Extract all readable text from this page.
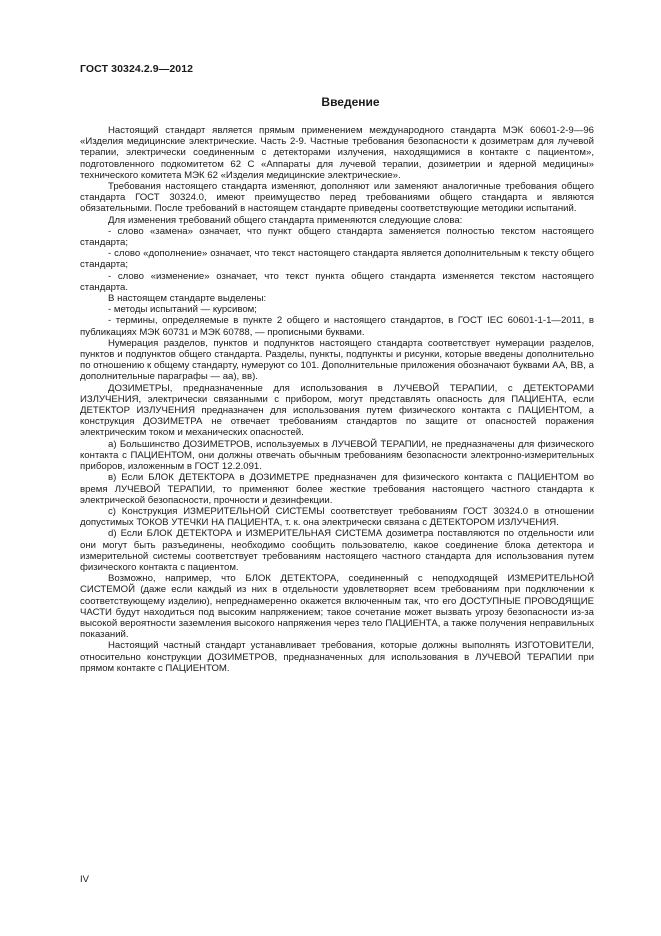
ГОСТ 30324.2.9—2012
Введение

Настоящий стандарт является прямым применением международного стандарта МЭК 60601-2-9—96 «Изделия медицинские электрические. Часть 2-9. Частные требования безопасности к дозиметрам для лучевой терапии, электрически соединенным с детекторами излучения, находящимися в контакте с пациентом», подготовленного подкомитетом 62 С «Аппараты для лучевой терапии, дозиметрии и ядерной медицины» технического комитета МЭК 62 «Изделия медицинские электрические».

Требования настоящего стандарта изменяют, дополняют или заменяют аналогичные требования общего стандарта ГОСТ 30324.0, имеют преимущество перед требованиями общего стандарта и являются обязательными. После требований в настоящем стандарте приведены соответствующие методики испытаний.

Для изменения требований общего стандарта применяются следующие слова:

- слово «замена» означает, что пункт общего стандарта заменяется полностью текстом настоящего стандарта;

- слово «дополнение» означает, что текст настоящего стандарта является дополнительным к тексту общего стандарта;

- слово «изменение» означает, что текст пункта общего стандарта изменяется текстом настоящего стандарта.

В настоящем стандарте выделены:

- методы испытаний — курсивом;

- термины, определяемые в пункте 2 общего и настоящего стандартов, в ГОСТ IEC 60601-1-1—2011, в публикациях МЭК 60731 и МЭК 60788, — прописными буквами.

Нумерация разделов, пунктов и подпунктов настоящего стандарта соответствует нумерации разделов, пунктов и подпунктов общего стандарта. Разделы, пункты, подпункты и рисунки, которые введены дополнительно по отношению к общему стандарту, нумеруют со 101. Дополнительные приложения обозначают буквами АА, ВВ, а дополнительные параграфы — аа), вв).

ДОЗИМЕТРЫ, предназначенные для использования в ЛУЧЕВОЙ ТЕРАПИИ, с ДЕТЕКТОРАМИ ИЗЛУЧЕНИЯ, электрически связанными с прибором, могут представлять опасность для ПАЦИЕНТА, если ДЕТЕКТОР ИЗЛУЧЕНИЯ предназначен для использования путем физического контакта с ПАЦИЕНТОМ, а конструкция ДОЗИМЕТРА не отвечает требованиям стандартов по защите от опасностей поражения электрическим током и механических опасностей.

а) Большинство ДОЗИМЕТРОВ, используемых в ЛУЧЕВОЙ ТЕРАПИИ, не предназначены для физического контакта с ПАЦИЕНТОМ, они должны отвечать обычным требованиям безопасности электронно-измерительных приборов, изложенным в ГОСТ 12.2.091.

в) Если БЛОК ДЕТЕКТОРА в ДОЗИМЕТРЕ предназначен для физического контакта с ПАЦИЕНТОМ во время ЛУЧЕВОЙ ТЕРАПИИ, то применяют более жесткие требования настоящего частного стандарта к электрической безопасности, прочности и дезинфекции.

с) Конструкция ИЗМЕРИТЕЛЬНОЙ СИСТЕМЫ соответствует требованиям ГОСТ 30324.0 в отношении допустимых ТОКОВ УТЕЧКИ НА ПАЦИЕНТА, т. к. она электрически связана с ДЕТЕКТОРОМ ИЗЛУЧЕНИЯ.

d) Если БЛОК ДЕТЕКТОРА и ИЗМЕРИТЕЛЬНАЯ СИСТЕМА дозиметра поставляются по отдельности или они могут быть разъединены, необходимо сообщить пользователю, какое соединение блока детектора и измерительной системы соответствует требованиям настоящего частного стандарта для использования путем физического контакта с пациентом.

Возможно, например, что БЛОК ДЕТЕКТОРА, соединенный с неподходящей ИЗМЕРИТЕЛЬНОЙ СИСТЕМОЙ (даже если каждый из них в отдельности удовлетворяет всем требованиям при подключении к соответствующему изделию), непреднамеренно окажется включенным так, что его ДОСТУПНЫЕ ПРОВОДЯЩИЕ ЧАСТИ будут находиться под высоким напряжением; такое сочетание может вызвать угрозу безопасности из-за высокой вероятности заземления высокого напряжения через тело ПАЦИЕНТА, а также получения неправильных показаний.

Настоящий частный стандарт устанавливает требования, которые должны выполнять ИЗГОТОВИТЕЛИ, относительно конструкции ДОЗИМЕТРОВ, предназначенных для использования в ЛУЧЕВОЙ ТЕРАПИИ при прямом контакте с ПАЦИЕНТОМ.

IV
